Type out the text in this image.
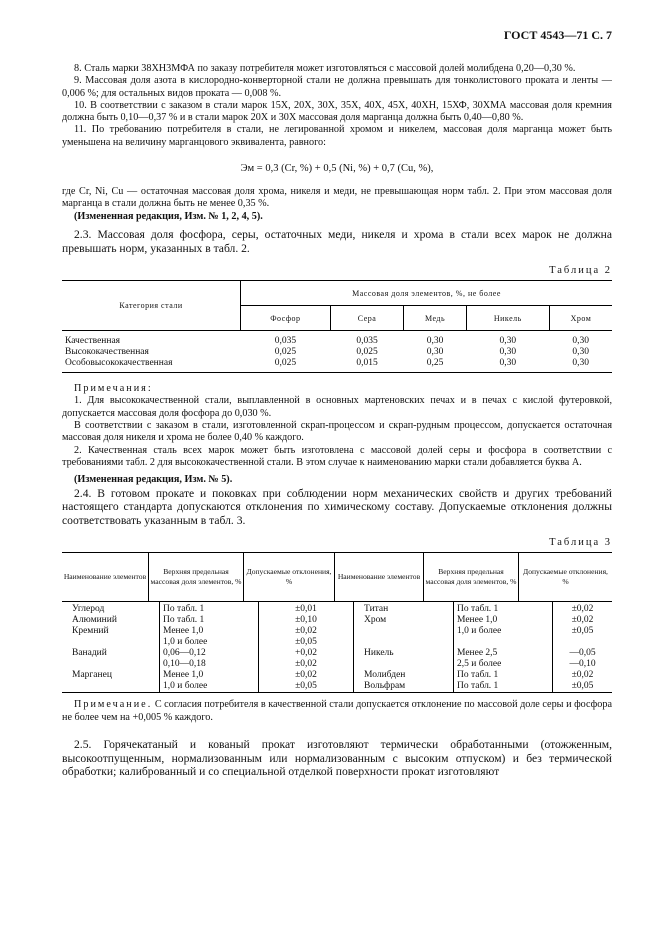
ГОСТ 4543—71 С. 7

8. Сталь марки 38ХН3МФА по заказу потребителя может изготовляться с массовой долей молибдена 0,20—0,30 %.

9. Массовая доля азота в кислородно-конверторной стали не должна превышать для тонколистового проката и ленты — 0,006 %; для остальных видов проката — 0,008 %.

10. В соответствии с заказом в стали марок 15Х, 20Х, 30Х, 35Х, 40Х, 45Х, 40ХН, 15ХФ, 30ХМА массовая доля кремния должна быть 0,10—0,37 % и в стали марок 20Х и 30Х массовая доля марганца должна быть 0,40—0,80 %.

11. По требованию потребителя в стали, не легированной хромом и никелем, массовая доля марганца может быть уменьшена на величину марганцового эквивалента, равного:

Эм = 0,3 (Cr, %) + 0,5 (Ni, %) + 0,7 (Cu, %),

где Cr, Ni, Cu — остаточная массовая доля хрома, никеля и меди, не превышающая норм табл. 2. При этом массовая доля марганца в стали должна быть не менее 0,35 %.

(Измененная редакция, Изм. № 1, 2, 4, 5).

2.3. Массовая доля фосфора, серы, остаточных меди, никеля и хрома в стали всех марок не должна превышать норм, указанных в табл. 2.

Таблица 2
Категория стали	Массовая доля элементов, %, не более				
	Фосфор	Сера	Медь	Никель	Хром

Качественная	0,035	0,035	0,30	0,30	0,30
Высококачественная	0,025	0,025	0,30	0,30	0,30
Особовысококачественная	0,025	0,015	0,25	0,30	0,30

Примечания:

1. Для высококачественной стали, выплавленной в основных мартеновских печах и в печах с кислой футеровкой, допускается массовая доля фосфора до 0,030 %.

В соответствии с заказом в стали, изготовленной скрап-процессом и скрап-рудным процессом, допускается остаточная массовая доля никеля и хрома не более 0,40 % каждого.

2. Качественная сталь всех марок может быть изготовлена с массовой долей серы и фосфора в соответствии с требованиями табл. 2 для высококачественной стали. В этом случае к наименованию марки стали добавляется буква А.

(Измененная редакция, Изм. № 5).

2.4. В готовом прокате и поковках при соблюдении норм механических свойств и других требований настоящего стандарта допускаются отклонения по химическому составу. Допускаемые отклонения должны соответствовать указанным в табл. 3.

Таблица 3
Наименование элементов	Верхняя предельная массовая доля элементов, %	Допускаемые отклонения, %	Наименование элементов	Верхняя предельная массовая доля элементов, %	Допускаемые отклонения, %
Углерод	По табл. 1	±0,01	Титан	По табл. 1	±0,02
Алюминий	По табл. 1	±0,10	Хром	Менее 1,0	±0,02
Кремний	Менее 1,0	±0,02		1,0 и более	±0,05
	1,0 и более	±0,05			
Ванадий	0,06—0,12	+0,02	Никель	Менее 2,5	—0,05
	0,10—0,18	±0,02		2,5 и более	—0,10
Марганец	Менее 1,0	±0,02	Молибден	По табл. 1	±0,02
	1,0 и более	±0,05	Вольфрам	По табл. 1	±0,05

Примечание. С согласия потребителя в качественной стали допускается отклонение по массовой доле серы и фосфора не более чем на +0,005 % каждого.

2.5. Горячекатаный и кованый прокат изготовляют термически обработанными (отожженным, высокоотпущенным, нормализованным или нормализованным с высоким отпуском) и без термической обработки; калиброванный и со специальной отделкой поверхности прокат изготовляют
